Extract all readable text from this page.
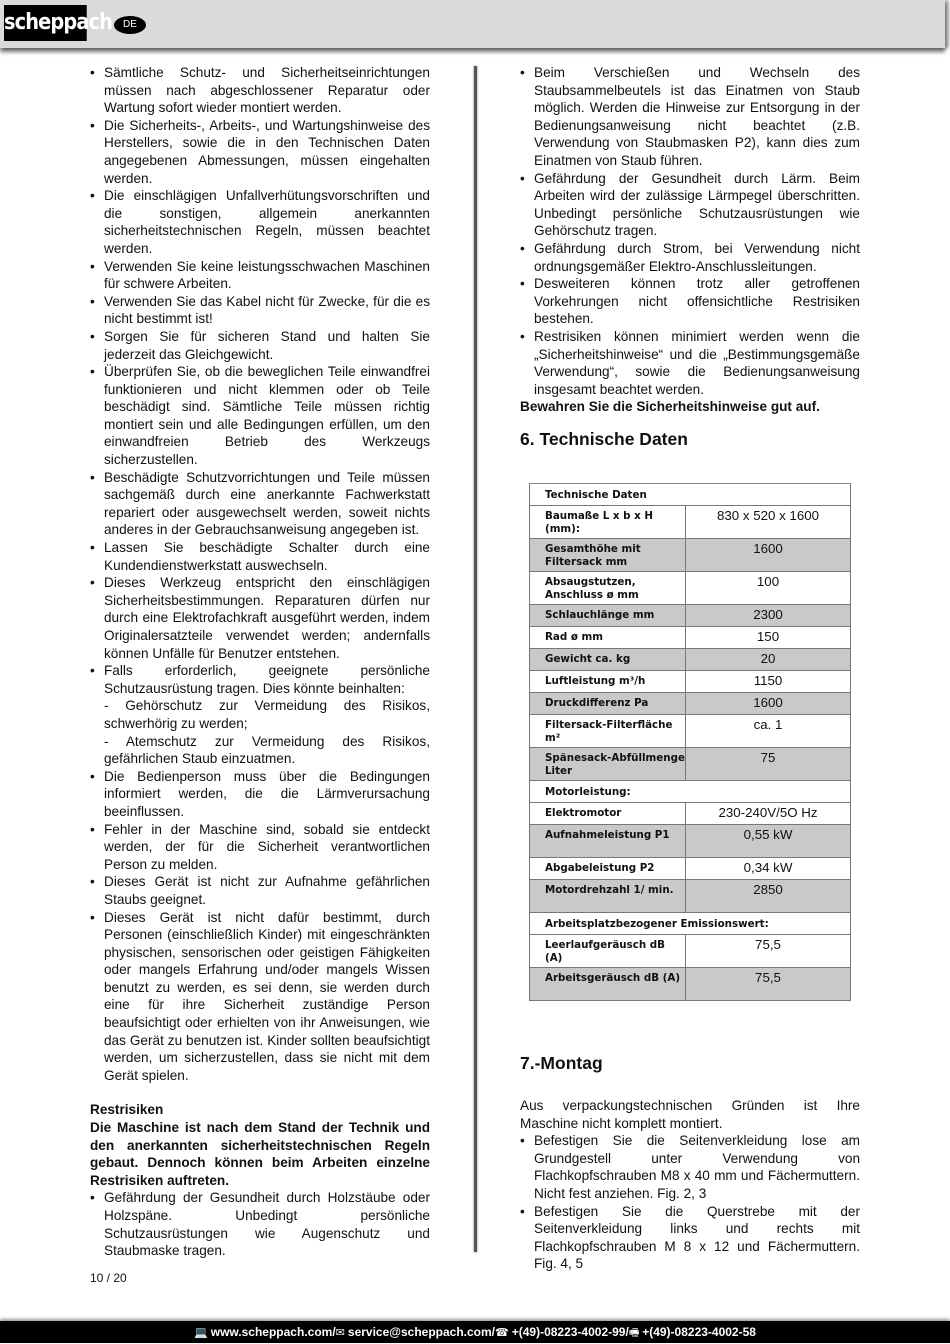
scheppach	DE
• Sämtliche Schutz- und Sicherheitseinrichtungen müssen nach abgeschlossener Reparatur oder Wartung sofort wieder montiert werden.
• Die Sicherheits-, Arbeits-, und Wartungshinweise des Herstellers, sowie die in den Technischen Daten angegebenen Abmessungen, müssen eingehalten werden.
• Die einschlägigen Unfallverhütungsvorschriften und die sonstigen, allgemein anerkannten sicherheitstechnischen Regeln, müssen beachtet werden.
• Verwenden Sie keine leistungsschwachen Maschinen für schwere Arbeiten.
• Verwenden Sie das Kabel nicht für Zwecke, für die es nicht bestimmt ist!
• Sorgen Sie für sicheren Stand und halten Sie jederzeit das Gleichgewicht.
• Überprüfen Sie, ob die beweglichen Teile einwandfrei funktionieren und nicht klemmen oder ob Teile beschädigt sind. Sämtliche Teile müssen richtig montiert sein und alle Bedingungen erfüllen, um den einwandfreien Betrieb des Werkzeugs sicherzustellen.
• Beschädigte Schutzvorrichtungen und Teile müssen sachgemäß durch eine anerkannte Fachwerkstatt repariert oder ausgewechselt werden, soweit nichts anderes in der Gebrauchsanweisung angegeben ist.
• Lassen Sie beschädigte Schalter durch eine Kundendienstwerkstatt auswechseln.
• Dieses Werkzeug entspricht den einschlägigen Sicherheitsbestimmungen. Reparaturen dürfen nur durch eine Elektrofachkraft ausgeführt werden, indem Originalersatzteile verwendet werden; andernfalls können Unfälle für Benutzer entstehen.
• Falls erforderlich, geeignete persönliche Schutzausrüstung tragen. Dies könnte beinhalten:
- Gehörschutz zur Vermeidung des Risikos, schwerhörig zu werden;
- Atemschutz zur Vermeidung des Risikos, gefährlichen Staub einzuatmen.
• Die Bedienperson muss über die Bedingungen informiert werden, die die Lärmverursachung beeinflussen.
• Fehler in der Maschine sind, sobald sie entdeckt werden, der für die Sicherheit verantwortlichen Person zu melden.
• Dieses Gerät ist nicht zur Aufnahme gefährlichen Staubs geeignet.
• Dieses Gerät ist nicht dafür bestimmt, durch Personen (einschließlich Kinder) mit eingeschränkten physischen, sensorischen oder geistigen Fähigkeiten oder mangels Erfahrung und/oder mangels Wissen benutzt zu werden, es sei denn, sie werden durch eine für ihre Sicherheit zuständige Person beaufsichtigt oder erhielten von ihr Anweisungen, wie das Gerät zu benutzen ist. Kinder sollten beaufsichtigt werden, um sicherzustellen, dass sie nicht mit dem Gerät spielen.

Restrisiken

Die Maschine ist nach dem Stand der Technik und den anerkannten sicherheitstechnischen Regeln gebaut. Dennoch können beim Arbeiten einzelne Restrisiken auftreten.

• Gefährdung der Gesundheit durch Holzstäube oder Holzspäne. Unbedingt persönliche Schutzausrüstungen wie Augenschutz und Staubmaske tragen.
• Beim Verschießen und Wechseln des Staubsammelbeutels ist das Einatmen von Staub möglich. Werden die Hinweise zur Entsorgung in der Bedienungsanweisung nicht beachtet (z.B. Verwendung von Staubmasken P2), kann dies zum Einatmen von Staub führen.
• Gefährdung der Gesundheit durch Lärm. Beim Arbeiten wird der zulässige Lärmpegel überschritten. Unbedingt persönliche Schutzausrüstungen wie Gehörschutz tragen.
• Gefährdung durch Strom, bei Verwendung nicht ordnungsgemäßer Elektro-Anschlussleitungen.
• Desweiteren können trotz aller getroffenen Vorkehrungen nicht offensichtliche Restrisiken bestehen.
• Restrisiken können minimiert werden wenn die „Sicherheitshinweise“ und die „Bestimmungsgemäße Verwendung“, sowie die Bedienungsanweisung insgesamt beachtet werden.

Bewahren Sie die Sicherheitshinweise gut auf.

6. Technische Daten
Technische Daten	
Baumaße L x b x H (mm):	830 x 520 x 1600
Gesamthöhe mit Filtersack mm	1600
Absaugstutzen, Anschluss ø mm	100
Schlauchlänge mm	2300
Rad ø mm	150
Gewicht ca. kg	20
Luftleistung m³/h	1150
Druckdifferenz Pa	1600
Filtersack-Filterfläche m²	ca. 1
Spänesack-Abfüllmenge Liter	75
Motorleistung:	
Elektromotor	230-240V/5O Hz
Aufnahmeleistung P1	0,55 kW
Abgabeleistung P2	0,34 kW
Motordrehzahl 1/ min.	2850
Arbeitsplatzbezogener Emissionswert:	
Leerlaufgeräusch dB (A)	75,5
Arbeitsgeräusch dB (A)	75,5
7.-Montag

Aus verpackungstechnischen Gründen ist Ihre Maschine nicht komplett montiert.

• Befestigen Sie die Seitenverkleidung lose am Grundgestell unter Verwendung von Flachkopfschrauben M8 x 40 mm und Fächermuttern. Nicht fest anziehen. Fig. 2, 3
• Befestigen Sie die Querstrebe mit der Seitenverkleidung links und rechts mit Flachkopfschrauben M 8 x 12 und Fächermuttern. Fig. 4, 5
10 / 20
💻 www.scheppach.com/✉ service@scheppach.com/☎ +(49)-08223-4002-99/🖷 +(49)-08223-4002-58
